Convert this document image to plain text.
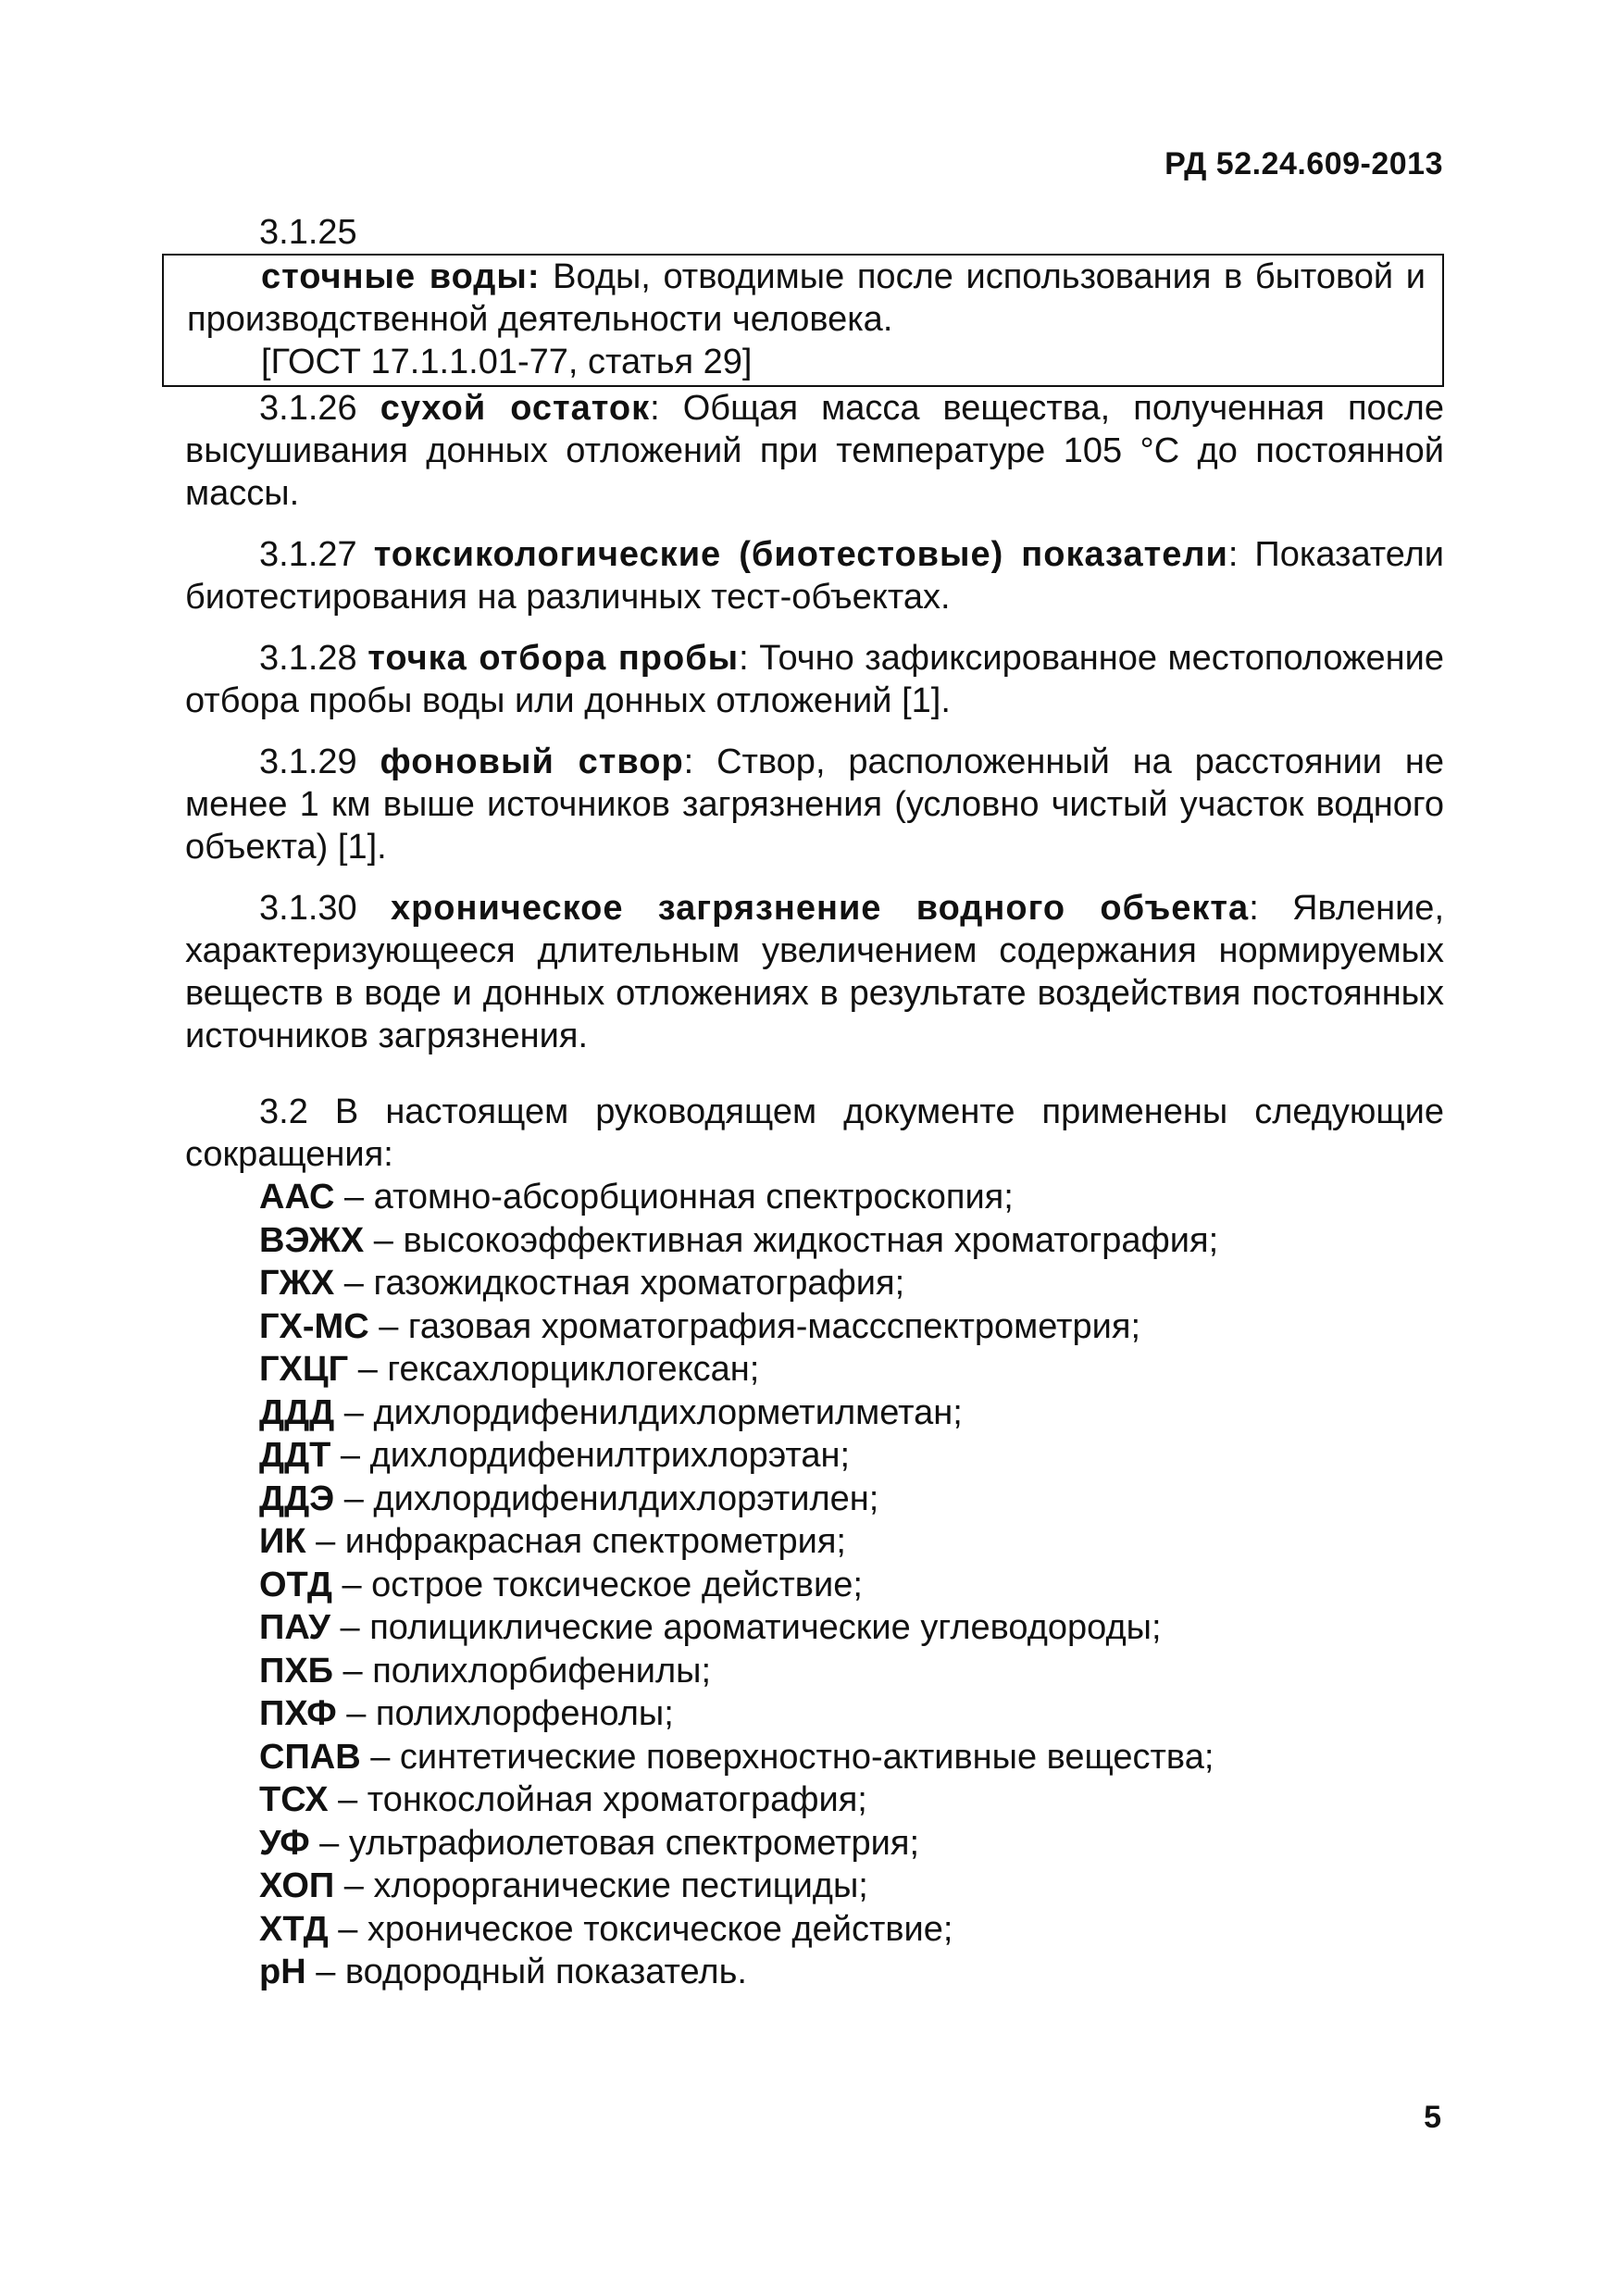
РД 52.24.609-2013
3.1.25

сточные воды: Воды, отводимые после использования в бытовой и производственной деятельности человека.

[ГОСТ 17.1.1.01-77, статья 29]

3.1.26 сухой остаток: Общая масса вещества, полученная после высушивания донных отложений при температуре 105 °С до постоянной массы.

3.1.27 токсикологические (биотестовые) показатели: Показатели биотестирования на различных тест-объектах.

3.1.28 точка отбора пробы: Точно зафиксированное местоположение отбора пробы воды или донных отложений [1].

3.1.29 фоновый створ: Створ, расположенный на расстоянии не менее 1 км выше источников загрязнения (условно чистый участок водного объекта) [1].

3.1.30 хроническое загрязнение водного объекта: Явление, характеризующееся длительным увеличением содержания нормируемых веществ в воде и донных отложениях в результате воздействия постоянных источников загрязнения.

3.2 В настоящем руководящем документе применены следующие сокращения:

ААС – атомно-абсорбционная спектроскопия;
ВЭЖХ – высокоэффективная жидкостная хроматография;
ГЖХ – газожидкостная хроматография;
ГХ-МС – газовая хроматография-массспектрометрия;
ГХЦГ – гексахлорциклогексан;
ДДД – дихлордифенилдихлорметилметан;
ДДТ – дихлордифенилтрихлорэтан;
ДДЭ – дихлордифенилдихлорэтилен;
ИК – инфракрасная спектрометрия;
ОТД – острое токсическое действие;
ПАУ – полициклические ароматические углеводороды;
ПХБ – полихлорбифенилы;
ПХФ – полихлорфенолы;
СПАВ – синтетические поверхностно-активные вещества;
ТСХ – тонкослойная хроматография;
УФ – ультрафиолетовая спектрометрия;
ХОП – хлорорганические пестициды;
ХТД – хроническое токсическое действие;
рН – водородный показатель.
5
